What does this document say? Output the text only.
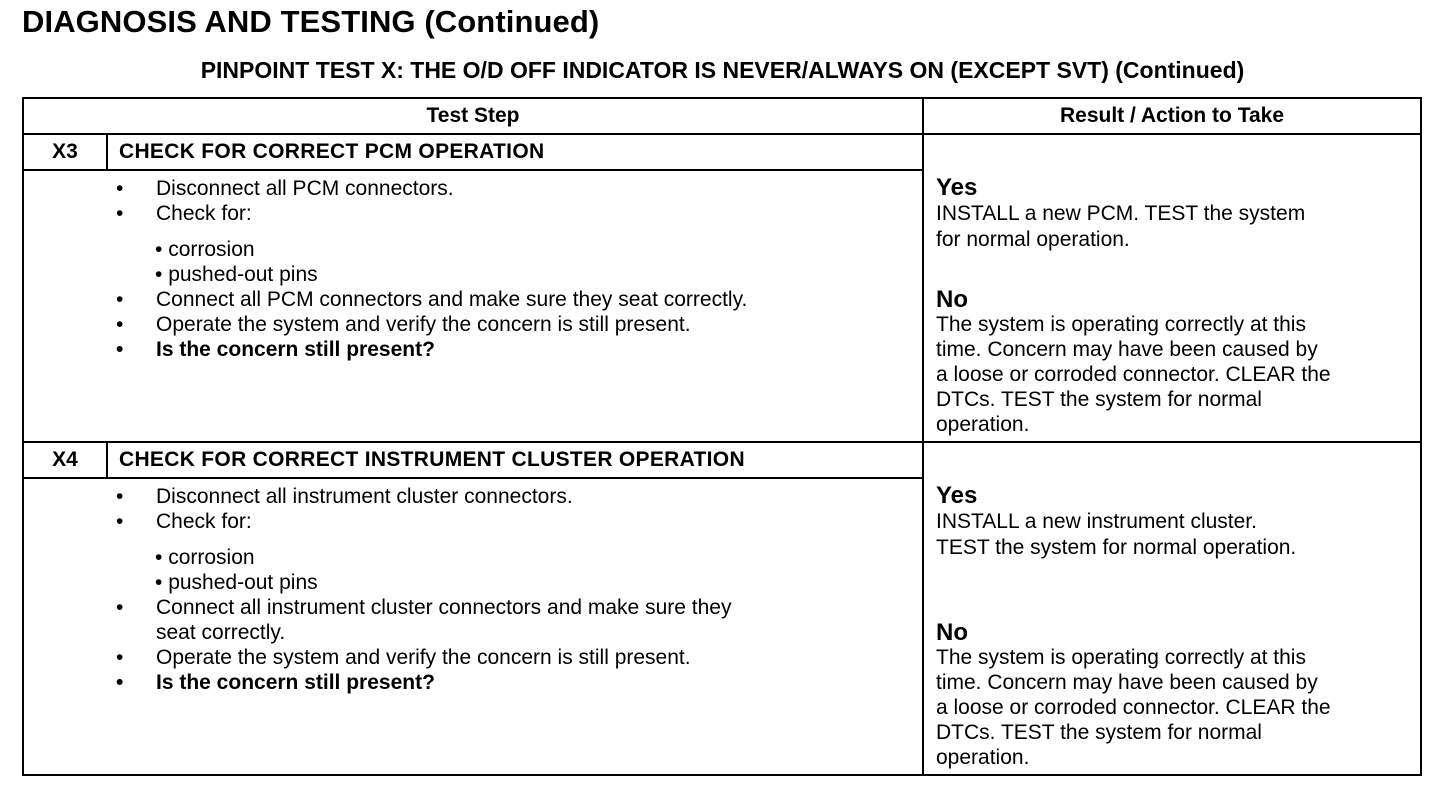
DIAGNOSIS AND TESTING (Continued)
PINPOINT TEST X: THE O/D OFF INDICATOR IS NEVER/ALWAYS ON (EXCEPT SVT) (Continued)
Test Step	Result / Action to Take
X3	CHECK FOR CORRECT PCM OPERATION
• Disconnect all PCM connectors.
• Check for:
• corrosion
• pushed-out pins
• Connect all PCM connectors and make sure they seat correctly.
• Operate the system and verify the concern is still present.
• Is the concern still present?
Yes
INSTALL a new PCM. TEST the system
for normal operation.
No
The system is operating correctly at this
time. Concern may have been caused by
a loose or corroded connector. CLEAR the
DTCs. TEST the system for normal
operation.
X4	CHECK FOR CORRECT INSTRUMENT CLUSTER OPERATION
• Disconnect all instrument cluster connectors.
• Check for:
• corrosion
• pushed-out pins
• Connect all instrument cluster connectors and make sure they
seat correctly.
• Operate the system and verify the concern is still present.
• Is the concern still present?
Yes
INSTALL a new instrument cluster.
TEST the system for normal operation.
No
The system is operating correctly at this
time. Concern may have been caused by
a loose or corroded connector. CLEAR the
DTCs. TEST the system for normal
operation.
